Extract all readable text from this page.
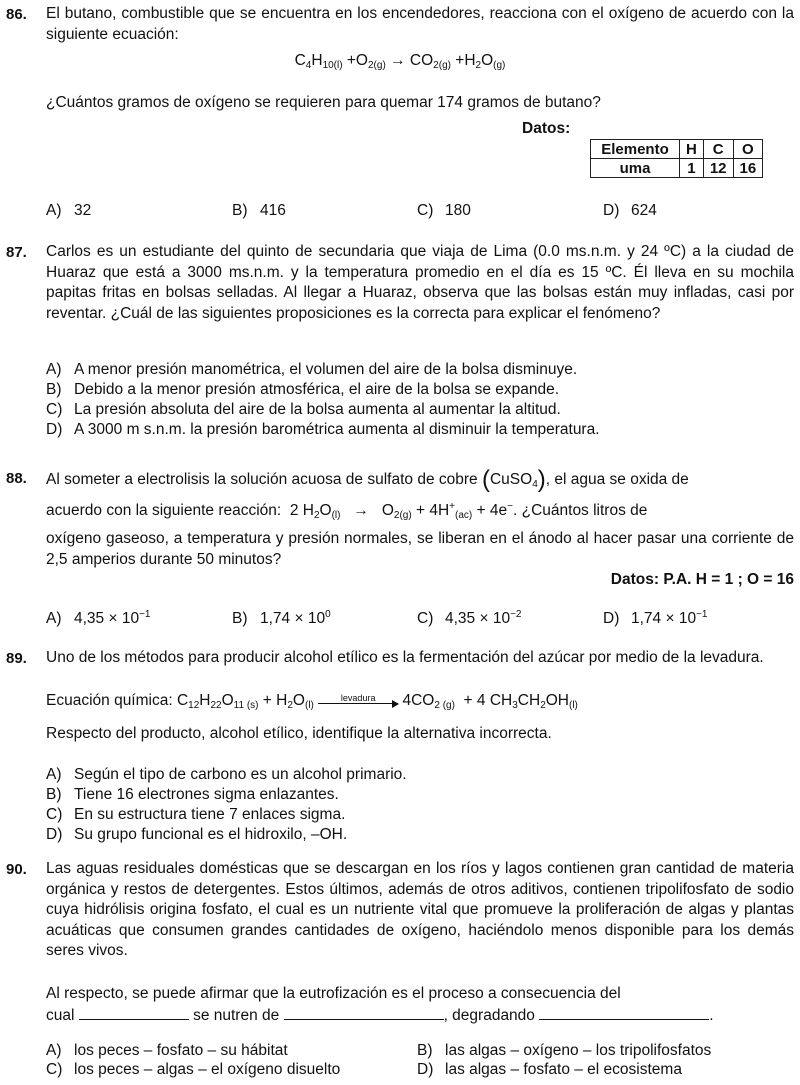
86. El butano, combustible que se encuentra en los encendedores, reacciona con el oxígeno de acuerdo con la siguiente ecuación:
$C_4H_{10(l)} +O_{2(g)} \to CO_{2(g)} +H_2O_{(g)}$
¿Cuántos gramos de oxígeno se requieren para quemar 174 gramos de butano?
Datos:
Elemento	H	C	O
uma	1	12	16
A) 32	B) 416	C) 180	D) 624
87. Carlos es un estudiante del quinto de secundaria que viaja de Lima (0.0 ms.n.m. y 24 ºC) a la ciudad de Huaraz que está a 3000 ms.n.m. y la temperatura promedio en el día es 15 ºC. Él lleva en su mochila papitas fritas en bolsas selladas. Al llegar a Huaraz, observa que las bolsas están muy infladas, casi por reventar. ¿Cuál de las siguientes proposiciones es la correcta para explicar el fenómeno?
A) A menor presión manométrica, el volumen del aire de la bolsa disminuye.
B) Debido a la menor presión atmosférica, el aire de la bolsa se expande.
C) La presión absoluta del aire de la bolsa aumenta al aumentar la altitud.
D) A 3000 m s.n.m. la presión barométrica aumenta al disminuir la temperatura.
88. Al someter a electrolisis la solución acuosa de sulfato de cobre (CuSO$_4$), el agua se oxida de
acuerdo con la siguiente reacción:  2 $H_2O_{(l)} \to O_{2(g)} + 4H^+_{(ac)} + 4e^-$. ¿Cuántos litros de
oxígeno gaseoso, a temperatura y presión normales, se liberan en el ánodo al hacer pasar una corriente de 2,5 amperios durante 50 minutos?
Datos: P.A. H = 1 ; O = 16
A) $4,35 \times 10^{-1}$	B) $1,74 \times 10^0$	C) $4,35 \times 10^{-2}$	D) $1,74 \times 10^{-1}$
89. Uno de los métodos para producir alcohol etílico es la fermentación del azúcar por medio de la levadura.
Ecuación química: $C_{12}H_{22}O_{11 (s)} + H_2O_{(l)}$ levadura
$4CO_{2 (g)} + 4$ $CH_3CH_2OH_{(l)}$
Respecto del producto, alcohol etílico, identifique la alternativa incorrecta.
A) Según el tipo de carbono es un alcohol primario.
B) Tiene 16 electrones sigma enlazantes.
C) En su estructura tiene 7 enlaces sigma.
D) Su grupo funcional es el hidroxilo, –OH.
90. Las aguas residuales domésticas que se descargan en los ríos y lagos contienen gran cantidad de materia orgánica y restos de detergentes. Estos últimos, además de otros aditivos, contienen tripolifosfato de sodio cuya hidrólisis origina fosfato, el cual es un nutriente vital que promueve la proliferación de algas y plantas acuáticas que consumen grandes cantidades de oxígeno, haciéndolo menos disponible para los demás seres vivos.
Al respecto, se puede afirmar que la eutrofización es el proceso a consecuencia del
cual	se nutren de	, degradando	.
A) los peces – fosfato – su hábitat	B) las algas – oxígeno – los tripolifosfatos
C) los peces – algas – el oxígeno disuelto	D) las algas – fosfato – el ecosistema
